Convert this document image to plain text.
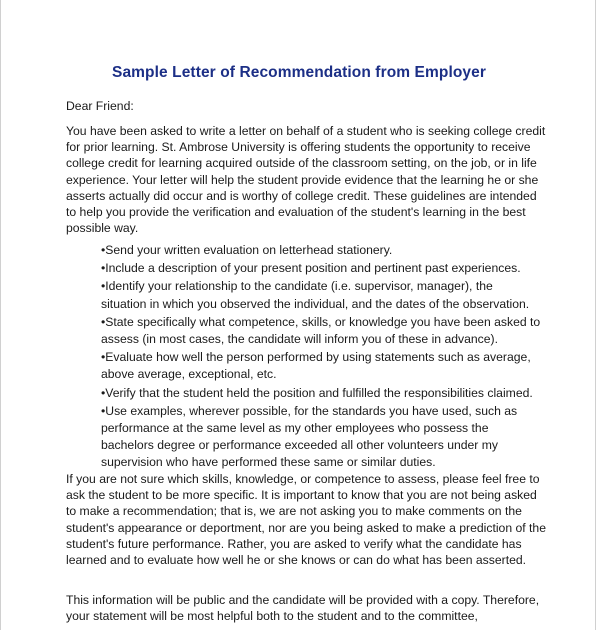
Sample Letter of Recommendation from Employer
Dear Friend:
You have been asked to write a letter on behalf of a student who is seeking college credit for prior learning. St. Ambrose University is offering students the opportunity to receive college credit for learning acquired outside of the classroom setting, on the job, or in life experience. Your letter will help the student provide evidence that the learning he or she asserts actually did occur and is worthy of college credit. These guidelines are intended to help you provide the verification and evaluation of the student's learning in the best possible way.
•Send your written evaluation on letterhead stationery.
•Include a description of your present position and pertinent past experiences.
•Identify your relationship to the candidate (i.e. supervisor, manager), the situation in which you observed the individual, and the dates of the observation.
•State specifically what competence, skills, or knowledge you have been asked to assess (in most cases, the candidate will inform you of these in advance).
•Evaluate how well the person performed by using statements such as average, above average, exceptional, etc.
•Verify that the student held the position and fulfilled the responsibilities claimed.
•Use examples, wherever possible, for the standards you have used, such as performance at the same level as my other employees who possess the bachelors degree or performance exceeded all other volunteers under my supervision who have performed these same or similar duties.
If you are not sure which skills, knowledge, or competence to assess, please feel free to ask the student to be more specific. It is important to know that you are not being asked to make a recommendation; that is, we are not asking you to make comments on the student's appearance or deportment, nor are you being asked to make a prediction of the student's future performance. Rather, you are asked to verify what the candidate has learned and to evaluate how well he or she knows or can do what has been asserted.
This information will be public and the candidate will be provided with a copy. Therefore, your statement will be most helpful both to the student and to the committee,
